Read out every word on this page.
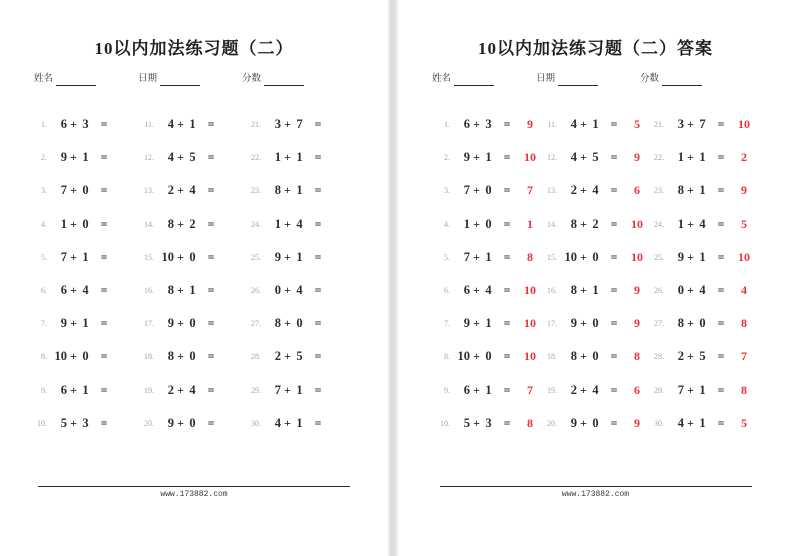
10以内加法练习题（二）
姓名	日期	分数
1.	6 + 3 =
2.	9 + 1 =
3.	7 + 0 =
4.	1 + 0 =
5.	7 + 1 =
6.	6 + 4 =
7.	9 + 1 =
8. 10 + 0 =
9.	6 + 1 =
10.	5 + 3 =
11.	4 + 1 =
12.	4 + 5 =
13.	2 + 4 =
14.	8 + 2 =
15. 10 + 0 =
16.	8 + 1 =
17.	9 + 0 =
18.	8 + 0 =
19.	2 + 4 =
20.	9 + 0 =
21.	3 + 7 =
22.	1 + 1 =
23.	8 + 1 =
24.	1 + 4 =
25.	9 + 1 =
26.	0 + 4 =
27.	8 + 0 =
28.	2 + 5 =
29.	7 + 1 =
30.	4 + 1 =
www.173882.com
10以内加法练习题（二）答案
姓名	日期	分数
1.	6 + 3 =	9
2.	9 + 1 =	10
3.	7 + 0 =	7
4.	1 + 0 =	1
5.	7 + 1 =	8
6.	6 + 4 =	10
7.	9 + 1 =	10
8. 10 + 0 =	10
9.	6 + 1 =	7
10.	5 + 3 =	8
11.	4 + 1 =	5
12.	4 + 5 =	9
13.	2 + 4 =	6
14.	8 + 2 =	10
15. 10 + 0 =	10
16.	8 + 1 =	9
17.	9 + 0 =	9
18.	8 + 0 =	8
19.	2 + 4 =	6
20.	9 + 0 =	9
21.	3 + 7 =	10
22.	1 + 1 =	2
23.	8 + 1 =	9
24.	1 + 4 =	5
25.	9 + 1 =	10
26.	0 + 4 =	4
27.	8 + 0 =	8
28.	2 + 5 =	7
29.	7 + 1 =	8
30.	4 + 1 =	5
www.173882.com
